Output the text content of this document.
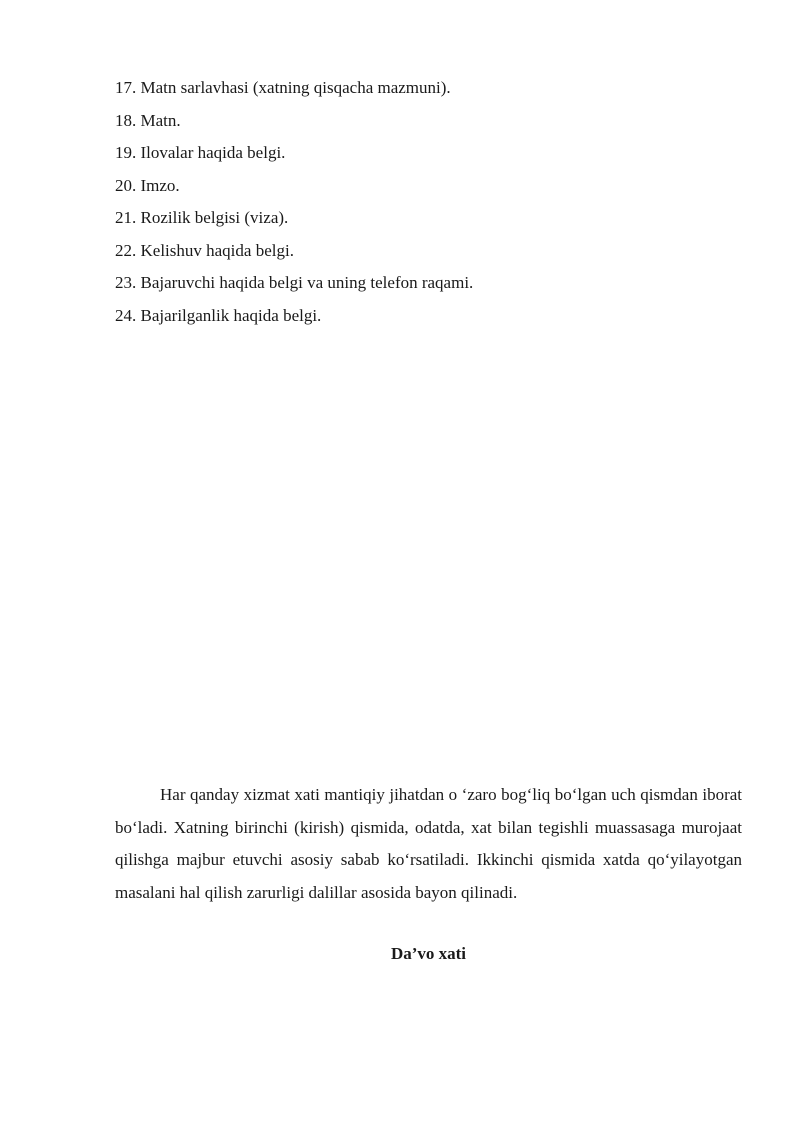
17. Matn sarlavhasi (xatning qisqacha mazmuni).
18. Matn.
19. Ilovalar haqida belgi.
20. Imzo.
21. Rozilik belgisi (viza).
22. Kelishuv haqida belgi.
23. Bajaruvchi haqida belgi va uning telefon raqami.
24. Bajarilganlik haqida belgi.

Har qanday xizmat xati mantiqiy jihatdan o ‘zaro bog‘liq bo‘lgan uch qismdan iborat bo‘ladi. Xatning birinchi (kirish) qismida, odatda, xat bilan tegishli muassasaga murojaat qilishga majbur etuvchi asosiy sabab ko‘rsatiladi. Ikkinchi qismida xatda qo‘yilayotgan masalani hal qilish zarurligi dalillar asosida bayon qilinadi.

Da’vo xati
